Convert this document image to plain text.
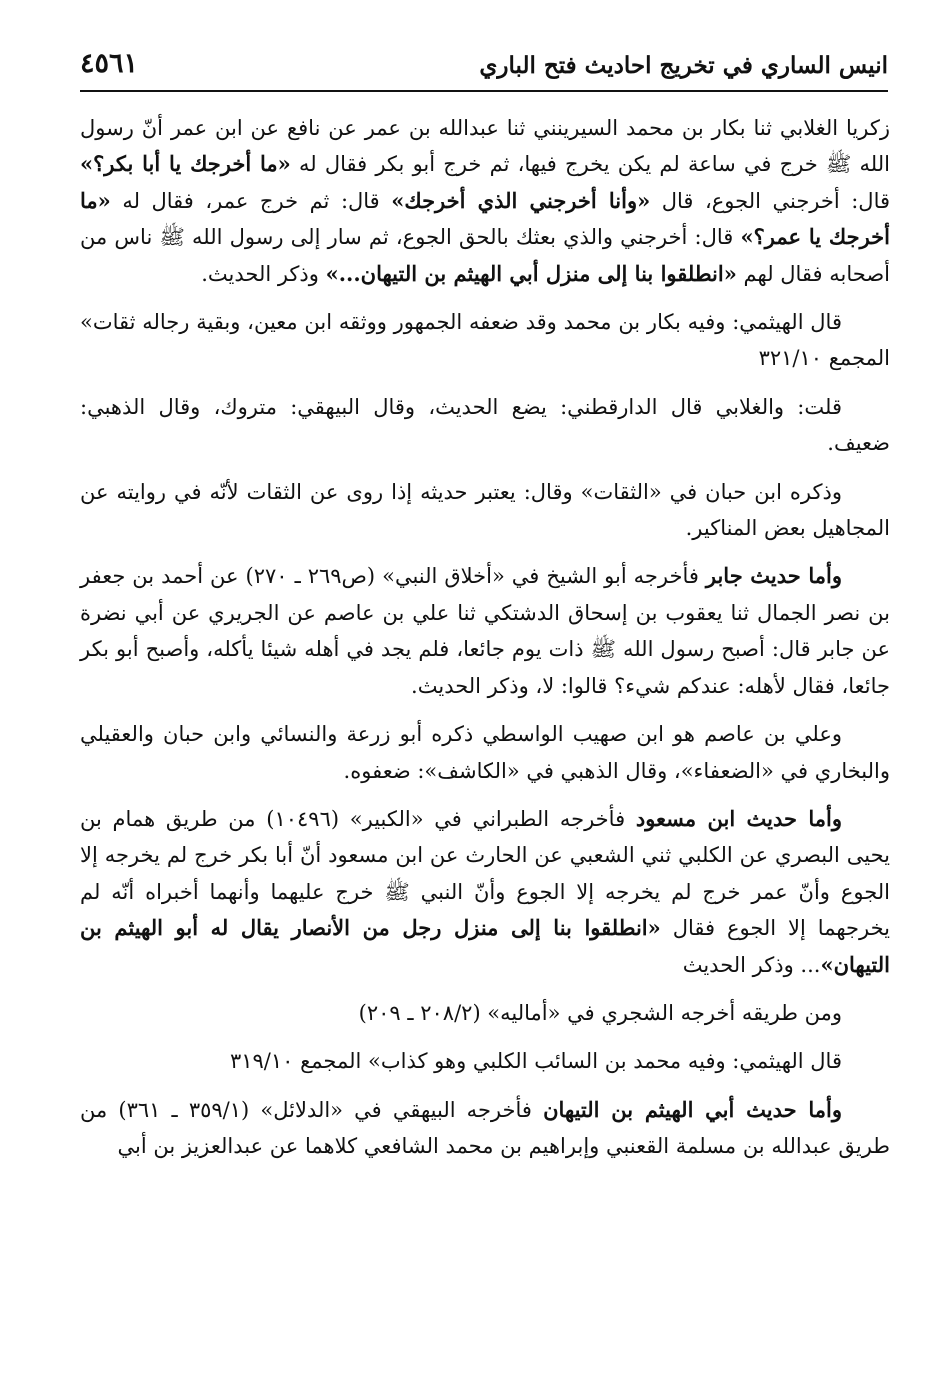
انيس الساري في تخريج احاديث فتح الباري
٤٥٦١

زكريا الغلابي ثنا بكار بن محمد السيرينني ثنا عبدالله بن عمر عن نافع عن ابن عمر أنّ رسول الله ﷺ خرج في ساعة لم يكن يخرج فيها، ثم خرج أبو بكر فقال له «ما أخرجك يا أبا بكر؟» قال: أخرجني الجوع، قال «وأنا أخرجني الذي أخرجك» قال: ثم خرج عمر، فقال له «ما أخرجك يا عمر؟» قال: أخرجني والذي بعثك بالحق الجوع، ثم سار إلى رسول الله ﷺ ناس من أصحابه فقال لهم «انطلقوا بنا إلى منزل أبي الهيثم بن التيهان...» وذكر الحديث.

قال الهيثمي: وفيه بكار بن محمد وقد ضعفه الجمهور ووثقه ابن معين، وبقية رجاله ثقات» المجمع ٣٢١/١٠

قلت: والغلابي قال الدارقطني: يضع الحديث، وقال البيهقي: متروك، وقال الذهبي: ضعيف.

وذكره ابن حبان في «الثقات» وقال: يعتبر حديثه إذا روى عن الثقات لأنّه في روايته عن المجاهيل بعض المناكير.

وأما حديث جابر فأخرجه أبو الشيخ في «أخلاق النبي» (ص٢٦٩ ـ ٢٧٠) عن أحمد بن جعفر بن نصر الجمال ثنا يعقوب بن إسحاق الدشتكي ثنا علي بن عاصم عن الجريري عن أبي نضرة عن جابر قال: أصبح رسول الله ﷺ ذات يوم جائعا، فلم يجد في أهله شيئا يأكله، وأصبح أبو بكر جائعا، فقال لأهله: عندكم شيء؟ قالوا: لا، وذكر الحديث.

وعلي بن عاصم هو ابن صهيب الواسطي ذكره أبو زرعة والنسائي وابن حبان والعقيلي والبخاري في «الضعفاء»، وقال الذهبي في «الكاشف»: ضعفوه.

وأما حديث ابن مسعود فأخرجه الطبراني في «الكبير» (١٠٤٩٦) من طريق همام بن يحيى البصري عن الكلبي ثني الشعبي عن الحارث عن ابن مسعود أنّ أبا بكر خرج لم يخرجه إلا الجوع وأنّ عمر خرج لم يخرجه إلا الجوع وأنّ النبي ﷺ خرج عليهما وأنهما أخبراه أنّه لم يخرجهما إلا الجوع فقال «انطلقوا بنا إلى منزل رجل من الأنصار يقال له أبو الهيثم بن التيهان»... وذكر الحديث

ومن طريقه أخرجه الشجري في «أماليه» (٢٠٨/٢ ـ ٢٠٩)

قال الهيثمي: وفيه محمد بن السائب الكلبي وهو كذاب» المجمع ٣١٩/١٠

وأما حديث أبي الهيثم بن التيهان فأخرجه البيهقي في «الدلائل» (٣٥٩/١ ـ ٣٦١) من طريق عبدالله بن مسلمة القعنبي وإبراهيم بن محمد الشافعي كلاهما عن عبدالعزيز بن أبي
